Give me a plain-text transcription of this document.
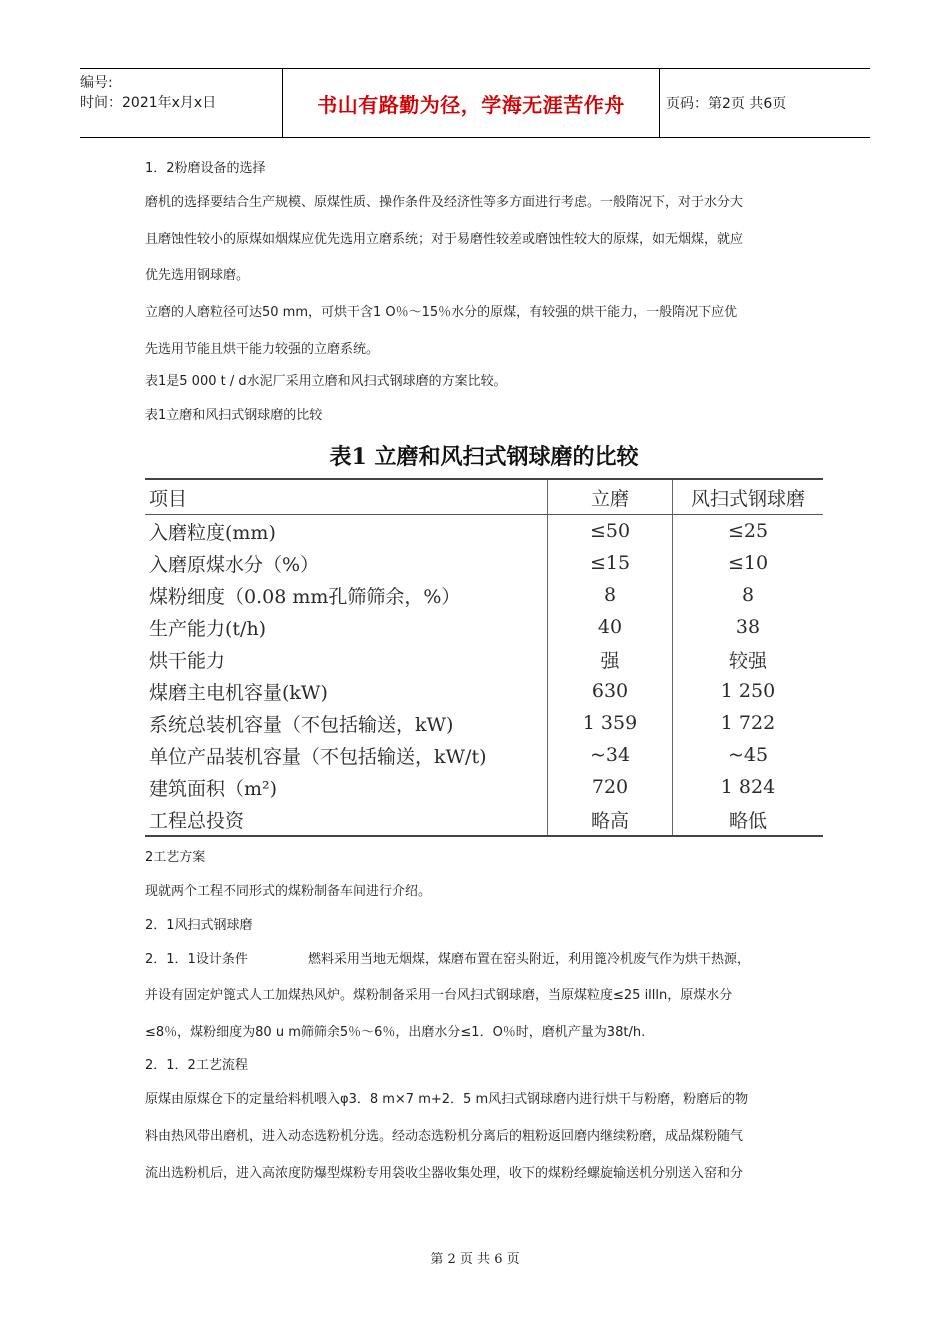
编号:
时间：2021年x月x日	书山有路勤为径，学海无涯苦作舟	页码：第2页 共6页
1．2粉磨设备的选择
磨机的选择要结合生产规模、原煤性质、操作条件及经济性等多方面进行考虑。一般隋况下，对于水分大
且磨蚀性较小的原煤如烟煤应优先选用立磨系统；对于易磨性较差或磨蚀性较大的原煤，如无烟煤，就应
优先选用钢球磨。
立磨的人磨粒径可达50 mm，可烘干含1 O％～15％水分的原煤，有较强的烘干能力，一般隋况下应优
先选用节能且烘干能力较强的立磨系统。
表1是5 000 t / d水泥厂采用立磨和风扫式钢球磨的方案比较。
表1立磨和风扫式钢球磨的比较
表1 立磨和风扫式钢球磨的比较
项目	立磨	风扫式钢球磨
入磨粒度(mm)	≤50	≤25
入磨原煤水分（%）	≤15	≤10
煤粉细度（0.08 mm孔筛筛余，%）	8	8
生产能力(t/h)	40	38
烘干能力	强	较强
煤磨主电机容量(kW)	630	1 250
系统总装机容量（不包括输送，kW)	1 359	1 722
单位产品装机容量（不包括输送，kW/t)	~34	~45
建筑面积（m²)	720	1 824
工程总投资	略高	略低
2工艺方案
现就两个工程不同形式的煤粉制备车间进行介绍。
2．1风扫式钢球磨
2．1．1设计条件	燃料采用当地无烟煤，煤磨布置在窑头附近，利用篦冷机废气作为烘干热源，
并设有固定炉篦式人工加煤热风炉。煤粉制备采用一台风扫式钢球磨，当原煤粒度≤25 illln，原煤水分
≤8％，煤粉细度为80 u m筛筛余5％～6％，出磨水分≤1．O％时，磨机产量为38t/h.
2．1．2工艺流程
原煤由原煤仓下的定量给料机喂入φ3．8 m×7 m+2．5 m风扫式钢球磨内进行烘干与粉磨，粉磨后的物
料由热风带出磨机，进入动态选粉机分选。经动态选粉机分离后的粗粉返回磨内继续粉磨，成品煤粉随气
流出选粉机后，进入高浓度防爆型煤粉专用袋收尘器收集处理，收下的煤粉经螺旋输送机分别送入窑和分
第 2 页 共 6 页
